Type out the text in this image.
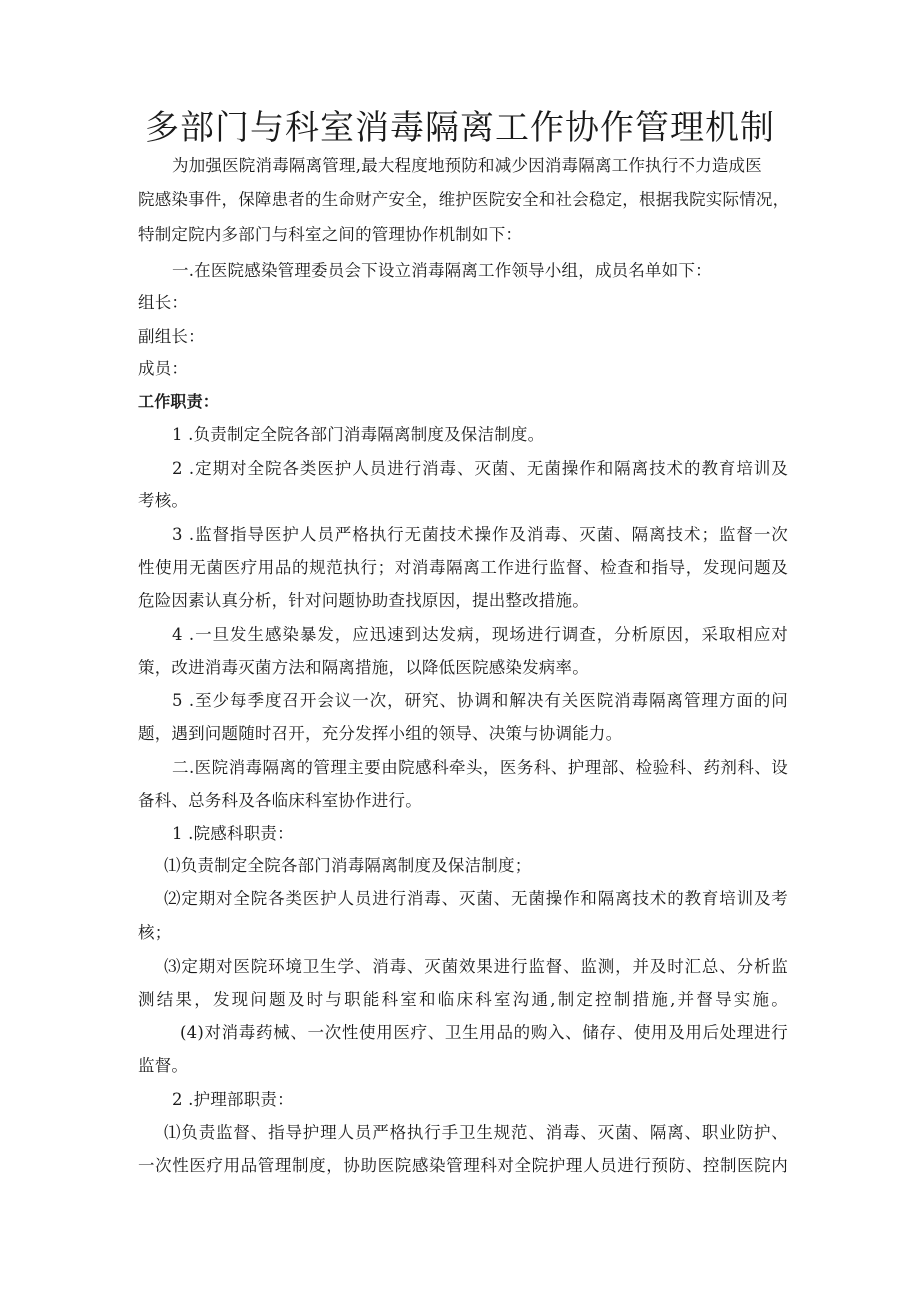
多部门与科室消毒隔离工作协作管理机制
为加强医院消毒隔离管理,最大程度地预防和减少因消毒隔离工作执行不力造成医
院感染事件，保障患者的生命财产安全，维护医院安全和社会稳定，根据我院实际情况，
特制定院内多部门与科室之间的管理协作机制如下：
一.在医院感染管理委员会下设立消毒隔离工作领导小组，成员名单如下：
组长：
副组长：
成员：
工作职责：
1 .负责制定全院各部门消毒隔离制度及保洁制度。
2 .定期对全院各类医护人员进行消毒、灭菌、无菌操作和隔离技术的教育培训及
考核。
3 .监督指导医护人员严格执行无菌技术操作及消毒、灭菌、隔离技术；监督一次
性使用无菌医疗用品的规范执行；对消毒隔离工作进行监督、检查和指导，发现问题及
危险因素认真分析，针对问题协助查找原因，提出整改措施。
4 .一旦发生感染暴发，应迅速到达发病，现场进行调查，分析原因，采取相应对
策，改进消毒灭菌方法和隔离措施，以降低医院感染发病率。
5 .至少每季度召开会议一次，研究、协调和解决有关医院消毒隔离管理方面的问
题，遇到问题随时召开，充分发挥小组的领导、决策与协调能力。
二.医院消毒隔离的管理主要由院感科牵头，医务科、护理部、检验科、药剂科、设
备科、总务科及各临床科室协作进行。
1 .院感科职责：
⑴负责制定全院各部门消毒隔离制度及保洁制度；
⑵定期对全院各类医护人员进行消毒、灭菌、无菌操作和隔离技术的教育培训及考
核；
⑶定期对医院环境卫生学、消毒、灭菌效果进行监督、监测，并及时汇总、分析监
测结果，发现问题及时与职能科室和临床科室沟通,制定控制措施,并督导实施。
(4)对消毒药械、一次性使用医疗、卫生用品的购入、储存、使用及用后处理进行
监督。
2 .护理部职责：
⑴负责监督、指导护理人员严格执行手卫生规范、消毒、灭菌、隔离、职业防护、
一次性医疗用品管理制度，协助医院感染管理科对全院护理人员进行预防、控制医院内
